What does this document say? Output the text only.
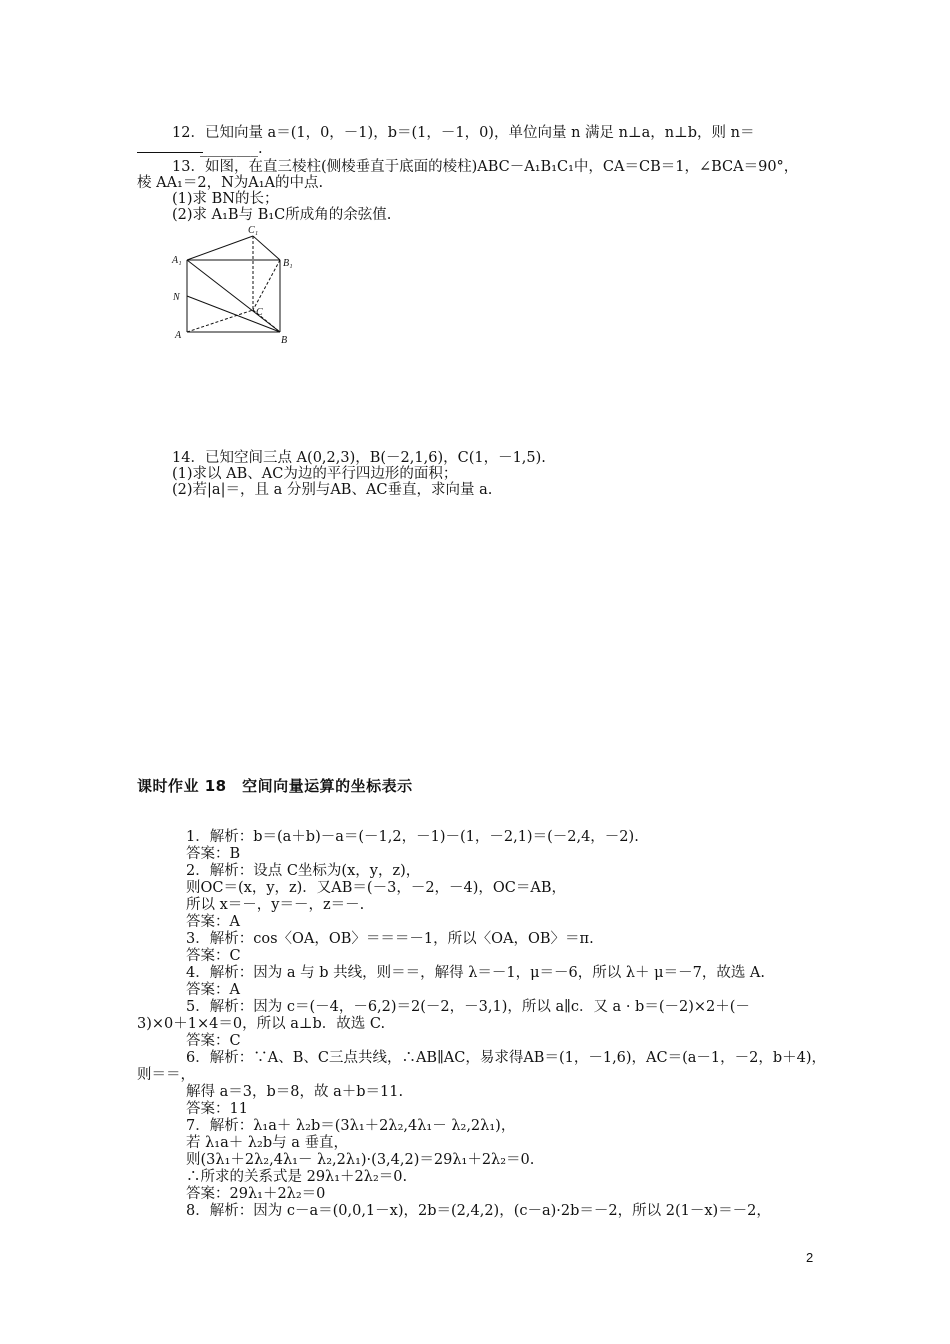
12．已知向量 a＝(1，0，－1)，b＝(1，－1，0)，单位向量 n 满足 n⊥a，n⊥b，则 n＝
________.
13．如图，在直三棱柱(侧棱垂直于底面的棱柱)ABC－A₁B₁C₁中，CA＝CB＝1，∠BCA＝90°，
棱 AA₁＝2，N为A₁A的中点.
(1)求 BN的长；
(2)求 A₁B与 B₁C所成角的余弦值.
C₁
A₁	B₁
N
C
A	B
14．已知空间三点 A(0,2,3)，B(－2,1,6)，C(1，－1,5).
(1)求以 AB、AC为边的平行四边形的面积；
(2)若|a|＝，且 a 分别与AB、AC垂直，求向量 a.
课时作业 18　空间向量运算的坐标表示
1．解析：b＝(a＋b)－a＝(－1,2，－1)－(1，－2,1)＝(－2,4，－2).
答案：B
2．解析：设点 C坐标为(x，y，z)，
则OC＝(x，y，z)．又AB＝(－3，－2，－4)，OC＝AB，
所以 x＝－，y＝－，z＝－.
答案：A
3．解析：cos〈OA，OB〉＝＝＝－1，所以〈OA，OB〉＝π.
答案：C
4．解析：因为 a 与 b 共线，则＝＝，解得 λ＝－1，μ＝－6，所以 λ＋ μ＝－7，故选 A.
答案：A
5．解析：因为 c＝(－4，－6,2)＝2(－2，－3,1)，所以 a∥c．又 a · b＝(－2)×2＋(－
3)×0＋1×4＝0，所以 a⊥b．故选 C.
答案：C
6．解析：∵A、B、C三点共线，∴AB∥AC，易求得AB＝(1，－1,6)，AC＝(a－1，－2，b＋4)，
则＝＝，
解得 a＝3，b＝8，故 a＋b＝11.
答案：11
7．解析：λ₁a＋ λ₂b＝(3λ₁＋2λ₂,4λ₁－ λ₂,2λ₁)，
若 λ₁a＋ λ₂b与 a 垂直，
则(3λ₁＋2λ₂,4λ₁－ λ₂,2λ₁)·(3,4,2)＝29λ₁＋2λ₂＝0.
∴所求的关系式是 29λ₁＋2λ₂＝0.
答案：29λ₁＋2λ₂＝0
8．解析：因为 c－a＝(0,0,1－x)，2b＝(2,4,2)，(c－a)·2b＝－2，所以 2(1－x)＝－2，
2
